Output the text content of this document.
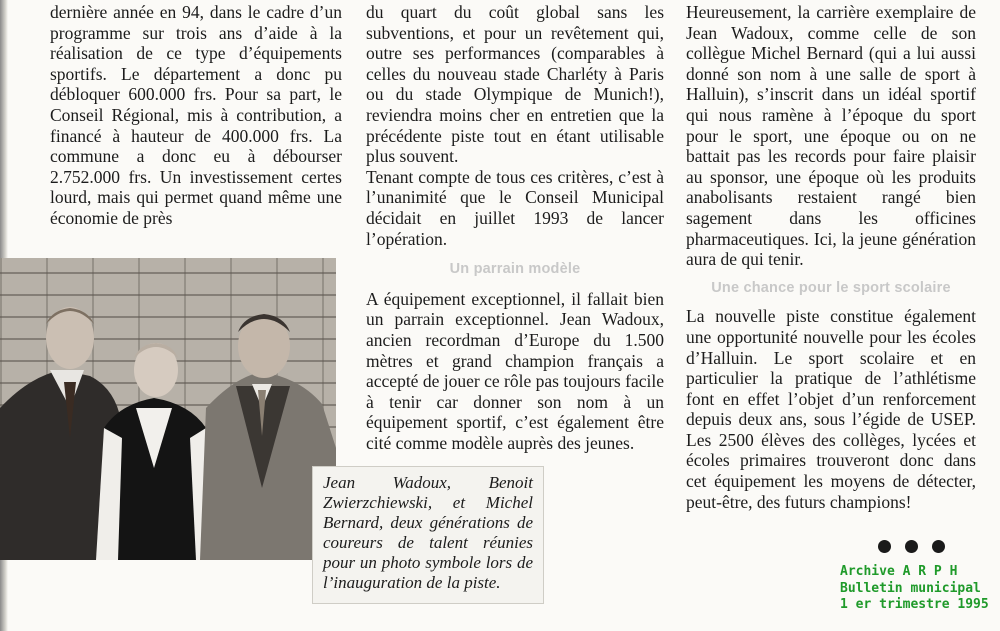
dernière année en 94, dans le cadre d’un programme sur trois ans d’aide à la réalisation de ce type d’équipements sportifs. Le département a donc pu débloquer 600.000 frs. Pour sa part, le Conseil Régional, mis à contribution, a financé à hauteur de 400.000 frs. La commune a donc eu à débourser 2.752.000 frs. Un investissement certes lourd, mais qui permet quand même une économie de près

Jean Wadoux, Benoit Zwierzchiewski, et Michel Bernard, deux générations de coureurs de talent réunies pour un photo symbole lors de l’inauguration de la piste.

du quart du coût global sans les subventions, et pour un revêtement qui, outre ses performances (comparables à celles du nouveau stade Charléty à Paris ou du stade Olympique de Munich!), reviendra moins cher en entretien que la précédente piste tout en étant utilisable plus souvent.

Tenant compte de tous ces critères, c’est à l’unanimité que le Conseil Municipal décidait en juillet 1993 de lancer l’opération.

Un parrain modèle

A équipement exceptionnel, il fallait bien un parrain exceptionnel. Jean Wadoux, ancien recordman d’Europe du 1.500 mètres et grand champion français a accepté de jouer ce rôle pas toujours facile à tenir car donner son nom à un équipement sportif, c’est également être cité comme modèle auprès des jeunes.

Heureusement, la carrière exemplaire de Jean Wadoux, comme celle de son collègue Michel Bernard (qui a lui aussi donné son nom à une salle de sport à Halluin), s’inscrit dans un idéal sportif qui nous ramène à l’époque du sport pour le sport, une époque ou on ne battait pas les records pour faire plaisir au sponsor, une époque où les produits anabolisants restaient rangé bien sagement dans les officines pharmaceutiques. Ici, la jeune génération aura de qui tenir.

Une chance pour le sport scolaire

La nouvelle piste constitue également une opportunité nouvelle pour les écoles d’Halluin. Le sport scolaire et en particulier la pratique de l’athlétisme font en effet l’objet d’un renforcement depuis deux ans, sous l’égide de USEP. Les 2500 élèves des collèges, lycées et écoles primaires trouveront donc dans cet équipement les moyens de détecter, peut-être, des futurs champions!

Archive A R P H
Bulletin municipal
1 er trimestre 1995
